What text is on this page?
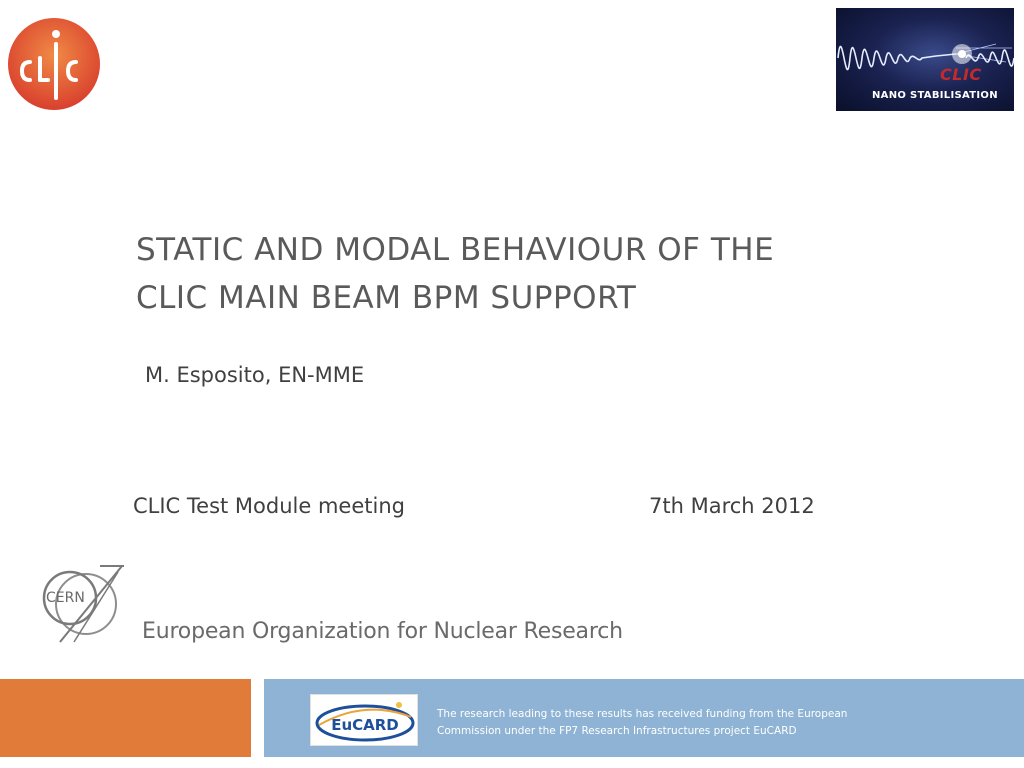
CLIC
NANO STABILISATION
STATIC AND MODAL BEHAVIOUR OF THE
CLIC MAIN BEAM BPM SUPPORT
M. Esposito, EN-MME
CLIC Test Module meeting	7th March 2012
CERN
European Organization for Nuclear Research
EuCARD
The research leading to these results has received funding from the European
Commission under the FP7 Research Infrastructures project EuCARD
